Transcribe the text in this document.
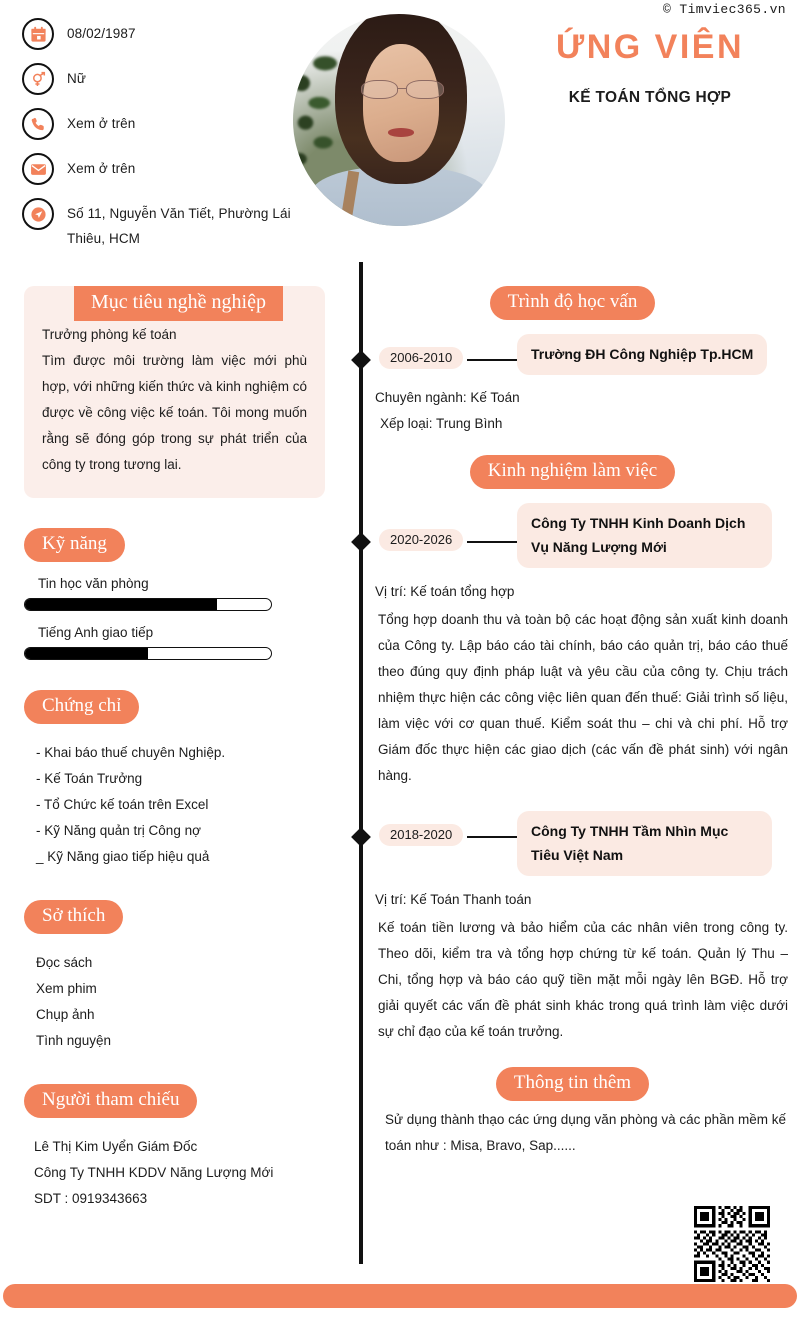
08/02/1987
Nữ
Xem ở trên
Xem ở trên
Số 11, Nguyễn Văn Tiết, Phường Lái Thiêu, HCM
ỨNG VIÊN
KẾ TOÁN TỔNG HỢP
Mục tiêu nghề nghiệp
Trưởng phòng kế toán
Tìm được môi trường làm việc mới phù hợp, với những kiến thức và kinh nghiệm có được về công việc kế toán. Tôi mong muốn rằng sẽ đóng góp trong sự phát triển của công ty trong tương lai.
Kỹ năng
Tin học văn phòng
Tiếng Anh giao tiếp
Chứng chỉ
- Khai báo thuế chuyên Nghiệp.
- Kế Toán Trưởng
- Tổ Chức kế toán trên Excel
- Kỹ Năng quản trị Công nợ
_ Kỹ Năng giao tiếp hiệu quả
Sở thích
Đọc sách
Xem phim
Chụp ảnh
Tình nguyện
Người tham chiếu
Lê Thị Kim Uyển Giám Đốc
Công Ty TNHH KDDV Năng Lượng Mới
SDT : 0919343663
Trình độ học vấn
2006-2010	Trường ĐH Công Nghiệp Tp.HCM
Chuyên ngành: Kế Toán
Xếp loại: Trung Bình
Kinh nghiệm làm việc
2020-2026
Công Ty TNHH Kinh Doanh Dịch Vụ Năng Lượng Mới
Vị trí: Kế toán tổng hợp
Tổng hợp doanh thu và toàn bộ các hoạt động sản xuất kinh doanh của Công ty. Lập báo cáo tài chính, báo cáo quản trị, báo cáo thuế theo đúng quy định pháp luật và yêu cầu của công ty. Chịu trách nhiệm thực hiện các công việc liên quan đến thuế: Giải trình số liệu, làm việc với cơ quan thuế. Kiểm soát thu – chi và chi phí. Hỗ trợ Giám đốc thực hiện các giao dịch (các vấn đề phát sinh) với ngân hàng.
2018-2020	Công Ty TNHH Tầm Nhìn Mục Tiêu Việt Nam
Vị trí: Kế Toán Thanh toán
Kế toán tiền lương và bảo hiểm của các nhân viên trong công ty. Theo dõi, kiểm tra và tổng hợp chứng từ kế toán. Quản lý Thu – Chi, tổng hợp và báo cáo quỹ tiền mặt mỗi ngày lên BGĐ. Hỗ trợ giải quyết các vấn đề phát sinh khác trong quá trình làm việc dưới sự chỉ đạo của kế toán trưởng.
Thông tin thêm
Sử dụng thành thạo các ứng dụng văn phòng và các phần mềm kế toán như : Misa, Bravo, Sap......
© Timviec365.vn
